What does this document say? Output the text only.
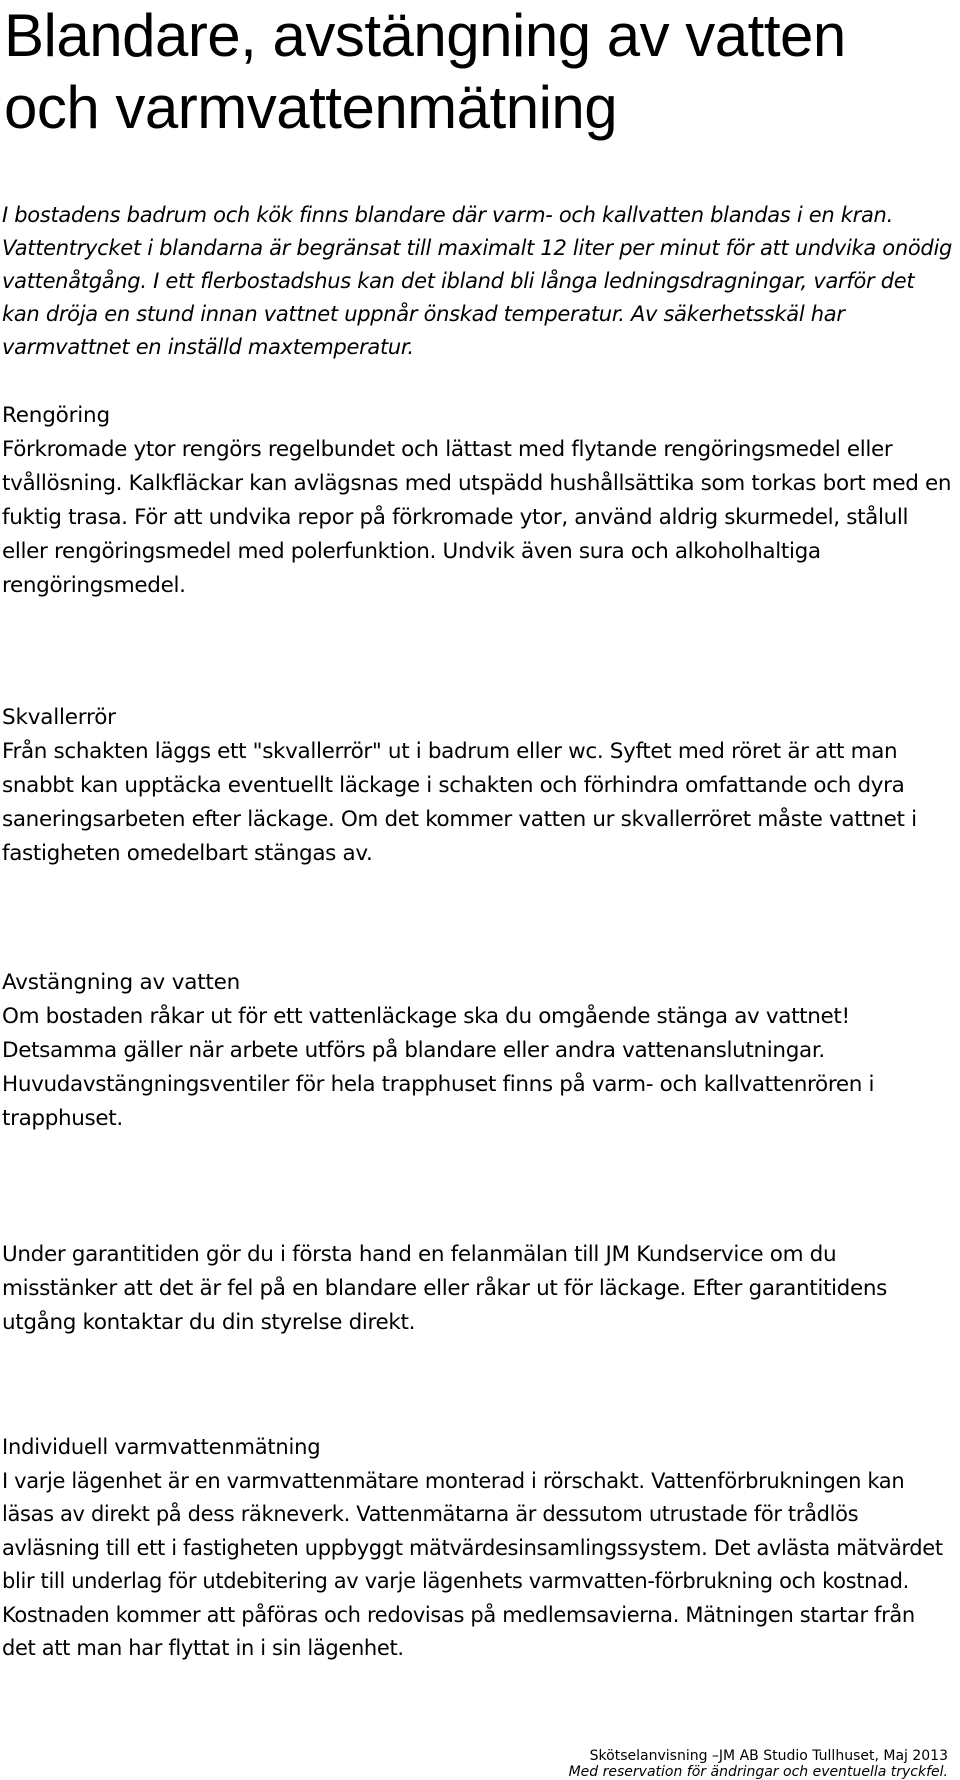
Blandare, avstängning av vatten och varmvattenmätning

I bostadens badrum och kök finns blandare där varm- och kallvatten blandas i en kran. Vattentrycket i blandarna är begränsat till maximalt 12 liter per minut för att undvika onödig vattenåtgång. I ett flerbostadshus kan det ibland bli långa ledningsdragningar, varför det kan dröja en stund innan vattnet uppnår önskad temperatur. Av säkerhetsskäl har varmvattnet en inställd maxtemperatur.

Rengöring

Förkromade ytor rengörs regelbundet och lättast med flytande rengöringsmedel eller tvållösning. Kalkfläckar kan avlägsnas med utspädd hushållsättika som torkas bort med en fuktig trasa. För att undvika repor på förkromade ytor, använd aldrig skurmedel, stålull eller rengöringsmedel med polerfunktion. Undvik även sura och alkoholhaltiga rengöringsmedel.

Skvallerrör

Från schakten läggs ett "skvallerrör" ut i badrum eller wc. Syftet med röret är att man snabbt kan upptäcka eventuellt läckage i schakten och förhindra omfattande och dyra saneringsarbeten efter läckage. Om det kommer vatten ur skvallerröret måste vattnet i fastigheten omedelbart stängas av.

Avstängning av vatten

Om bostaden råkar ut för ett vattenläckage ska du omgående stänga av vattnet! Detsamma gäller när arbete utförs på blandare eller andra vattenanslutningar. Huvudavstängningsventiler för hela trapphuset finns på varm- och kallvattenrören i trapphuset.

Under garantitiden gör du i första hand en felanmälan till JM Kundservice om du misstänker att det är fel på en blandare eller råkar ut för läckage. Efter garantitidens utgång kontaktar du din styrelse direkt.

Individuell varmvattenmätning

I varje lägenhet är en varmvattenmätare monterad i rörschakt. Vattenförbrukningen kan läsas av direkt på dess räkneverk. Vattenmätarna är dessutom utrustade för trådlös avläsning till ett i fastigheten uppbyggt mätvärdesinsamlingssystem. Det avlästa mätvärdet blir till underlag för utdebitering av varje lägenhets varmvatten-förbrukning och kostnad. Kostnaden kommer att påföras och redovisas på medlemsavierna. Mätningen startar från det att man har flyttat in i sin lägenhet.

Skötselanvisning –JM AB Studio Tullhuset, Maj 2013
Med reservation för ändringar och eventuella tryckfel.
